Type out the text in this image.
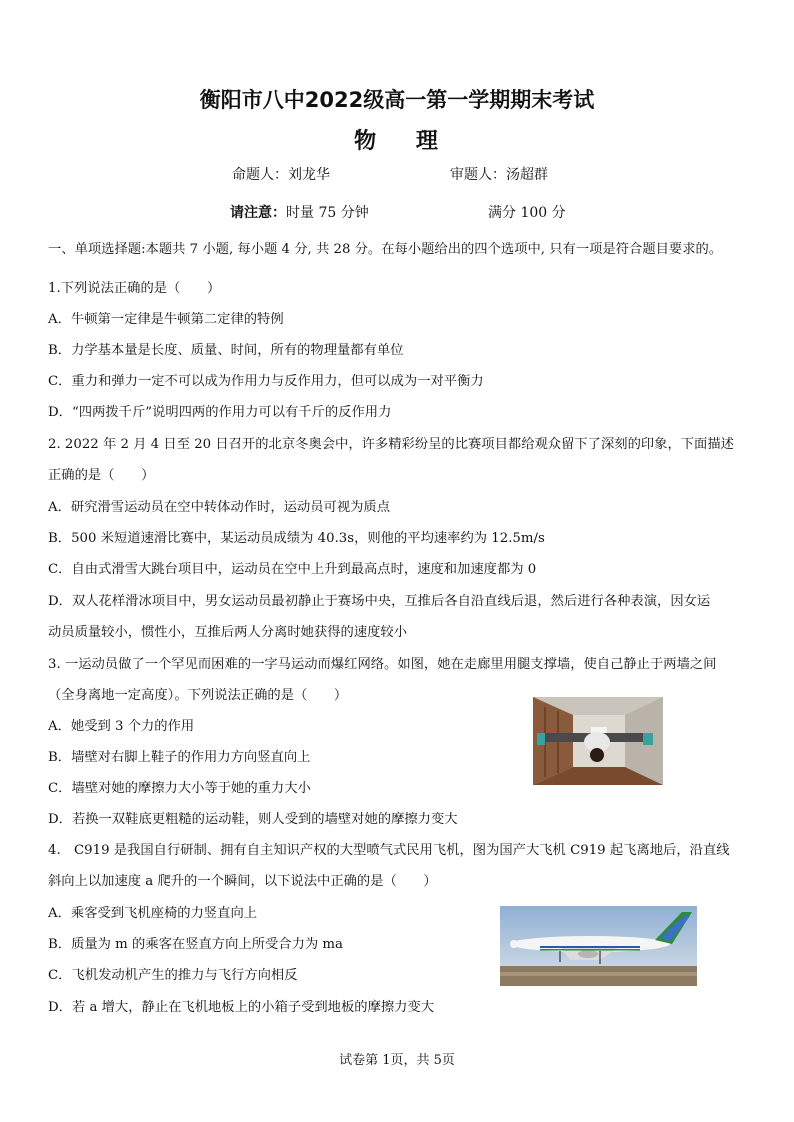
衡阳市八中2022级高一第一学期期末考试
物 理
命题人：刘龙华	审题人：汤超群
请注意：时量 75 分钟	满分 100 分
一、单项选择题:本题共 7 小题, 每小题 4 分, 共 28 分。在每小题给出的四个选项中, 只有一项是符合题目要求的。
1.下列说法正确的是（　　）
A．牛顿第一定律是牛顿第二定律的特例
B．力学基本量是长度、质量、时间，所有的物理量都有单位
C．重力和弹力一定不可以成为作用力与反作用力，但可以成为一对平衡力
D．“四两拨千斤”说明四两的作用力可以有千斤的反作用力
2. 2022 年 2 月 4 日至 20 日召开的北京冬奥会中，许多精彩纷呈的比赛项目都给观众留下了深刻的印象，下面描述
正确的是（　　）
A．研究滑雪运动员在空中转体动作时，运动员可视为质点
B．500 米短道速滑比赛中，某运动员成绩为 40.3s，则他的平均速率约为 12.5m/s
C．自由式滑雪大跳台项目中，运动员在空中上升到最高点时，速度和加速度都为 0
D．双人花样滑冰项目中，男女运动员最初静止于赛场中央，互推后各自沿直线后退，然后进行各种表演，因女运
动员质量较小，惯性小，互推后两人分离时她获得的速度较小
3. 一运动员做了一个罕见而困难的一字马运动而爆红网络。如图，她在走廊里用腿支撑墙，使自己静止于两墙之间
（全身离地一定高度）。下列说法正确的是（　　）
A．她受到 3 个力的作用
B．墙壁对右脚上鞋子的作用力方向竖直向上
C．墙壁对她的摩擦力大小等于她的重力大小
D．若换一双鞋底更粗糙的运动鞋，则人受到的墙壁对她的摩擦力变大
4.　C919 是我国自行研制、拥有自主知识产权的大型喷气式民用飞机，图为国产大飞机 C919 起飞离地后，沿直线
斜向上以加速度 a 爬升的一个瞬间，以下说法中正确的是（　　）
A．乘客受到飞机座椅的力竖直向上
B．质量为 m 的乘客在竖直方向上所受合力为 ma
C．飞机发动机产生的推力与飞行方向相反
D．若 a 增大，静止在飞机地板上的小箱子受到地板的摩擦力变大
试卷第 1页，共 5页
